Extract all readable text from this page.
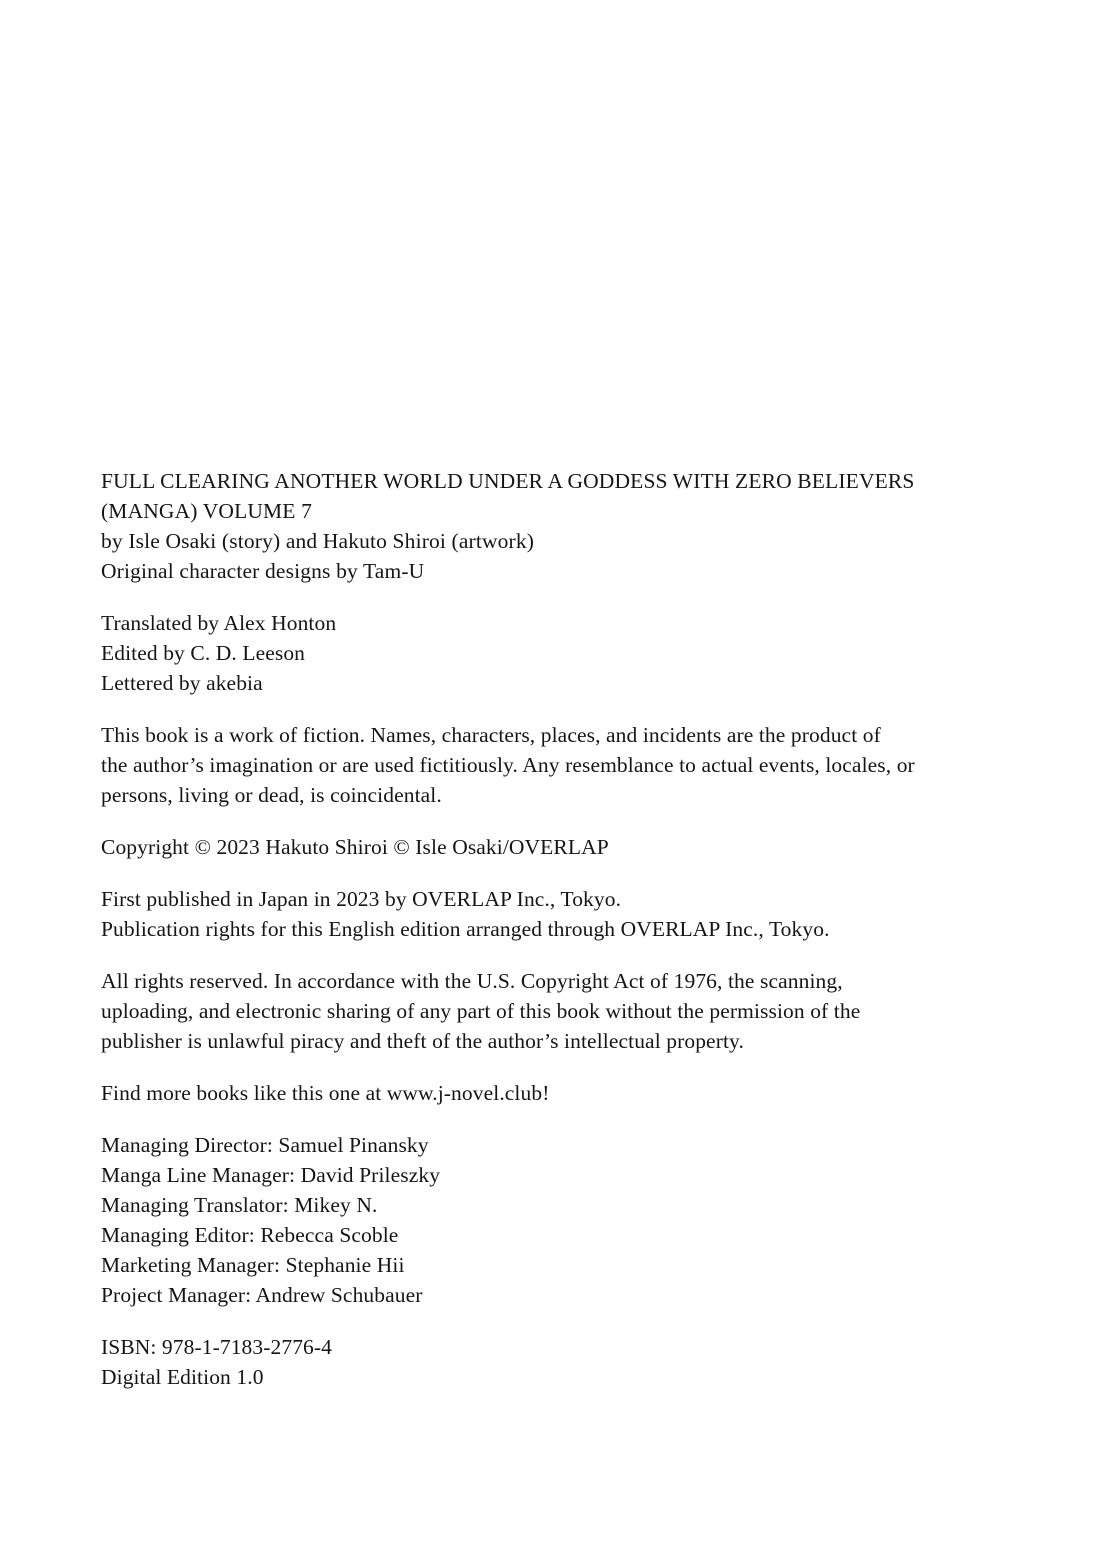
FULL CLEARING ANOTHER WORLD UNDER A GODDESS WITH ZERO BELIEVERS
(MANGA) VOLUME 7
by Isle Osaki (story) and Hakuto Shiroi (artwork)
Original character designs by Tam-U

Translated by Alex Honton
Edited by C. D. Leeson
Lettered by akebia

This book is a work of fiction. Names, characters, places, and incidents are the product of
the author’s imagination or are used fictitiously. Any resemblance to actual events, locales, or
persons, living or dead, is coincidental.

Copyright © 2023 Hakuto Shiroi © Isle Osaki/OVERLAP

First published in Japan in 2023 by OVERLAP Inc., Tokyo.
Publication rights for this English edition arranged through OVERLAP Inc., Tokyo.

All rights reserved. In accordance with the U.S. Copyright Act of 1976, the scanning,
uploading, and electronic sharing of any part of this book without the permission of the
publisher is unlawful piracy and theft of the author’s intellectual property.

Find more books like this one at www.j-novel.club!

Managing Director: Samuel Pinansky
Manga Line Manager: David Prileszky
Managing Translator: Mikey N.
Managing Editor: Rebecca Scoble
Marketing Manager: Stephanie Hii
Project Manager: Andrew Schubauer

ISBN: 978-1-7183-2776-4
Digital Edition 1.0
